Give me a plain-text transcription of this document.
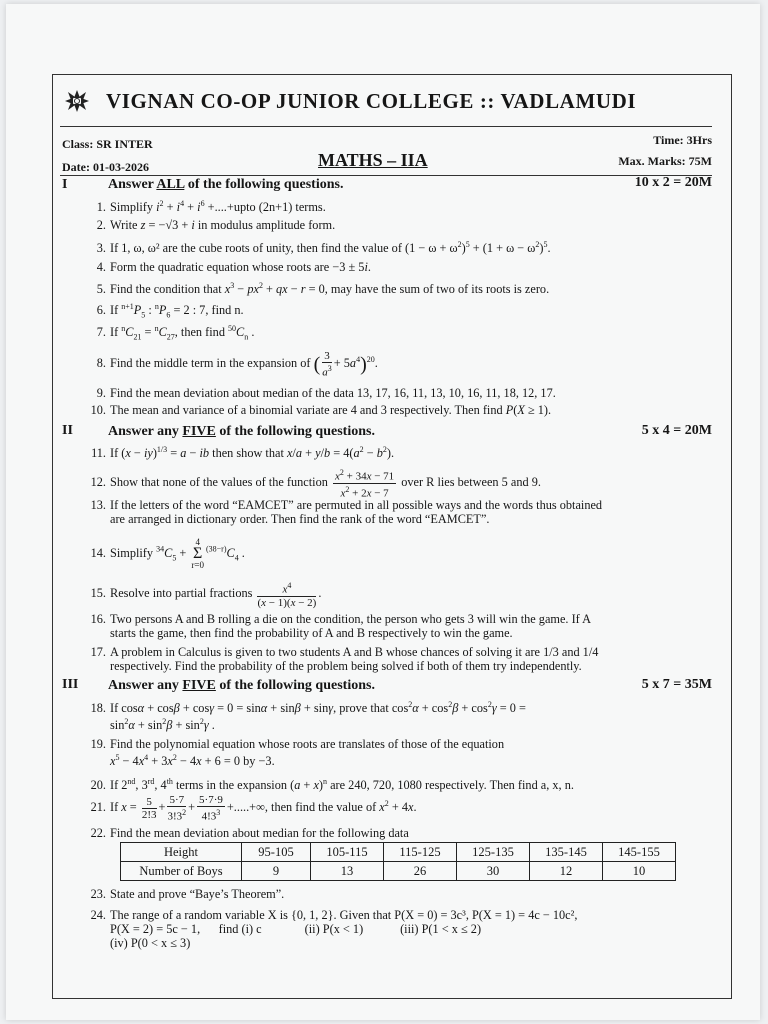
VIGNAN CO-OP JUNIOR COLLEGE :: VADLAMUDI
Class: SR INTER
Date: 01-03-2026	MATHS – IIA
Time: 3Hrs
Max. Marks: 75M
I	Answer ALL of the following questions.	10 x 2 = 20M
1. Simplify $i^2 + i^4 + i^6$ +....+upto (2n+1) terms.
2. Write z = −√3 + i in modulus amplitude form.
3. If 1, ω, ω² are the cube roots of unity, then find the value of $(1 - \omega + \omega^2)^5 + (1 + \omega - \omega^2)^5$.
4. Form the quadratic equation whose roots are −3 ± 5i.
5. Find the condition that $x^3 - px^2$ + qx − r = 0, may have the sum of two of its roots is zero.
6. If $^{n+1}P_5$ : $^nP_6 = 2$ : 7, find n.
7. If $^nC_{21} = ^nC_{27}$, then find $^{50}C_n$ .
8. Find the middle term in the expansion of ( $\frac{3}{a^3} + 5a^4)^{20}$.
9. Find the mean deviation about median of the data 13, 17, 16, 11, 13, 10, 16, 11, 18, 12, 17.
10. The mean and variance of a binomial variate are 4 and 3 respectively. Then find P(X ≥ 1).
II	Answer any FIVE of the following questions.	5 x 4 = 20M
11. If (x − iy)$^{1/3}$ = a − ib then show that $x/a + y/b = 4(a^2 - b^2)$.
12. Show that none of the values of the function $\frac{x^2 + 34x - 71}{x^2 + 2x - 7}$ over R lies between 5 and 9.
13. If the letters of the word “EAMCET” are permuted in all possible ways and the words thus obtained
are arranged in dictionary order. Then find the rank of the word “EAMCET”.
14. Simplify $^{34}C_5$ +
4
Σ
r=0
$^{(38-r)}C_4$ .
15. Resolve into partial fractions $\frac{x^4}{(x - 1)(x - 2)}$ .
16. Two persons A and B rolling a die on the condition, the person who gets 3 will win the game. If A
starts the game, then find the probability of A and B respectively to win the game.
17. A problem in Calculus is given to two students A and B whose chances of solving it are 1/3 and 1/4
respectively. Find the probability of the problem being solved if both of them try independently.
III Answer any FIVE of the following questions.	5 x 7 = 35M
18. If cosα + cosβ + cosγ = 0 = sinα + sinβ + sinγ, prove that $\cos^2\alpha + \cos^2\beta + \cos^2\gamma = 0$ =
$\sin^2\alpha + \sin^2\beta + \sin^2\gamma$ .
19. Find the polynomial equation whose roots are translates of those of the equation
$x^5 - 4x^4 + 3x^2 - 4x + 6 = 0$ by −3.
20. If 2nd, 3rd, 4th terms in the expansion $(a + x)^n$ are 240, 720, 1080 respectively. Then find a, x, n.
21. If $x = \frac{5}{2!3} + \frac{5\cdot 7}{3!3^2} + \frac{5\cdot 7\cdot 9}{4!3^3}$ +.....+∞, then find the value of $x^2 + 4x$.
22. Find the mean deviation about median for the following data
Height	95-105	105-115	115-125	125-135	135-145	145-155
Number of Boys	9	13	26	30	12	10
23. State and prove “Baye’s Theorem”.
24. The range of a random variable X is {0, 1, 2}. Given that P(X = 0) = 3c³, P(X = 1) = 4c − 10c²,
P(X = 2) = 5c − 1, find (i) c	(ii) P(x < 1)	(iii) P(1 < x ≤ 2)
(iv) P(0 < x ≤ 3)
